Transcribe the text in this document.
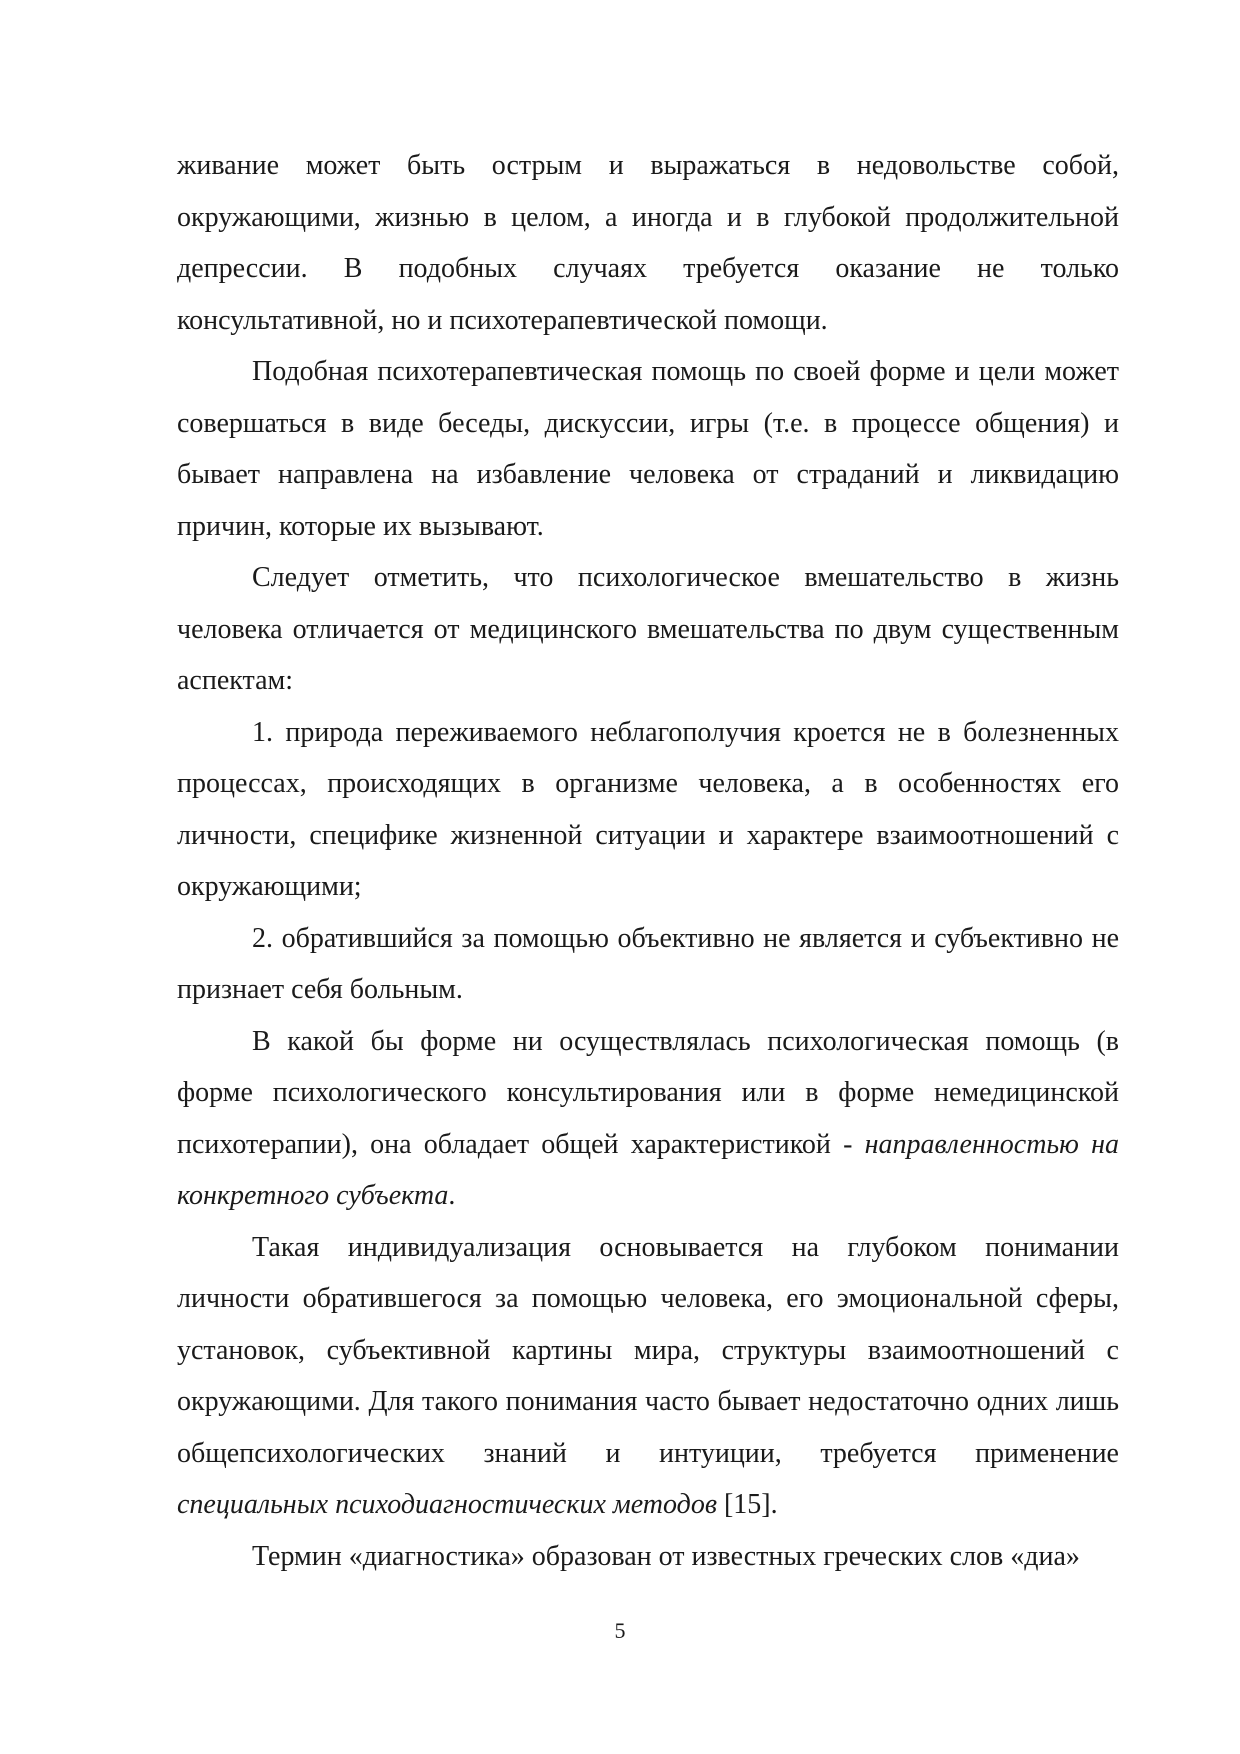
живание может быть острым и выражаться в недовольстве собой, окружающими, жизнью в целом, а иногда и в глубокой продолжительной депрессии. В подобных случаях требуется оказание не только консультативной, но и психотерапевтической помощи.

Подобная психотерапевтическая помощь по своей форме и цели может совершаться в виде беседы, дискуссии, игры (т.е. в процессе общения) и бывает направлена на избавление человека от страданий и ликвидацию причин, которые их вызывают.

Следует отметить, что психологическое вмешательство в жизнь человека отличается от медицинского вмешательства по двум существенным аспектам:

1. природа переживаемого неблагополучия кроется не в болезненных процессах, происходящих в организме человека, а в особенностях его личности, специфике жизненной ситуации и характере взаимоотношений с окружающими;

2. обратившийся за помощью объективно не является и субъективно не признает себя больным.

В какой бы форме ни осуществлялась психологическая помощь (в форме психологического консультирования или в форме немедицинской психотерапии), она обладает общей характеристикой - направленностью на конкретного субъекта.

Такая индивидуализация основывается на глубоком понимании личности обратившегося за помощью человека, его эмоциональной сферы, установок, субъективной картины мира, структуры взаимоотношений с окружающими. Для такого понимания часто бывает недостаточно одних лишь общепсихологических знаний и интуиции, требуется применение специальных психодиагностических методов [15].

Термин «диагностика» образован от известных греческих слов «диа»

5
